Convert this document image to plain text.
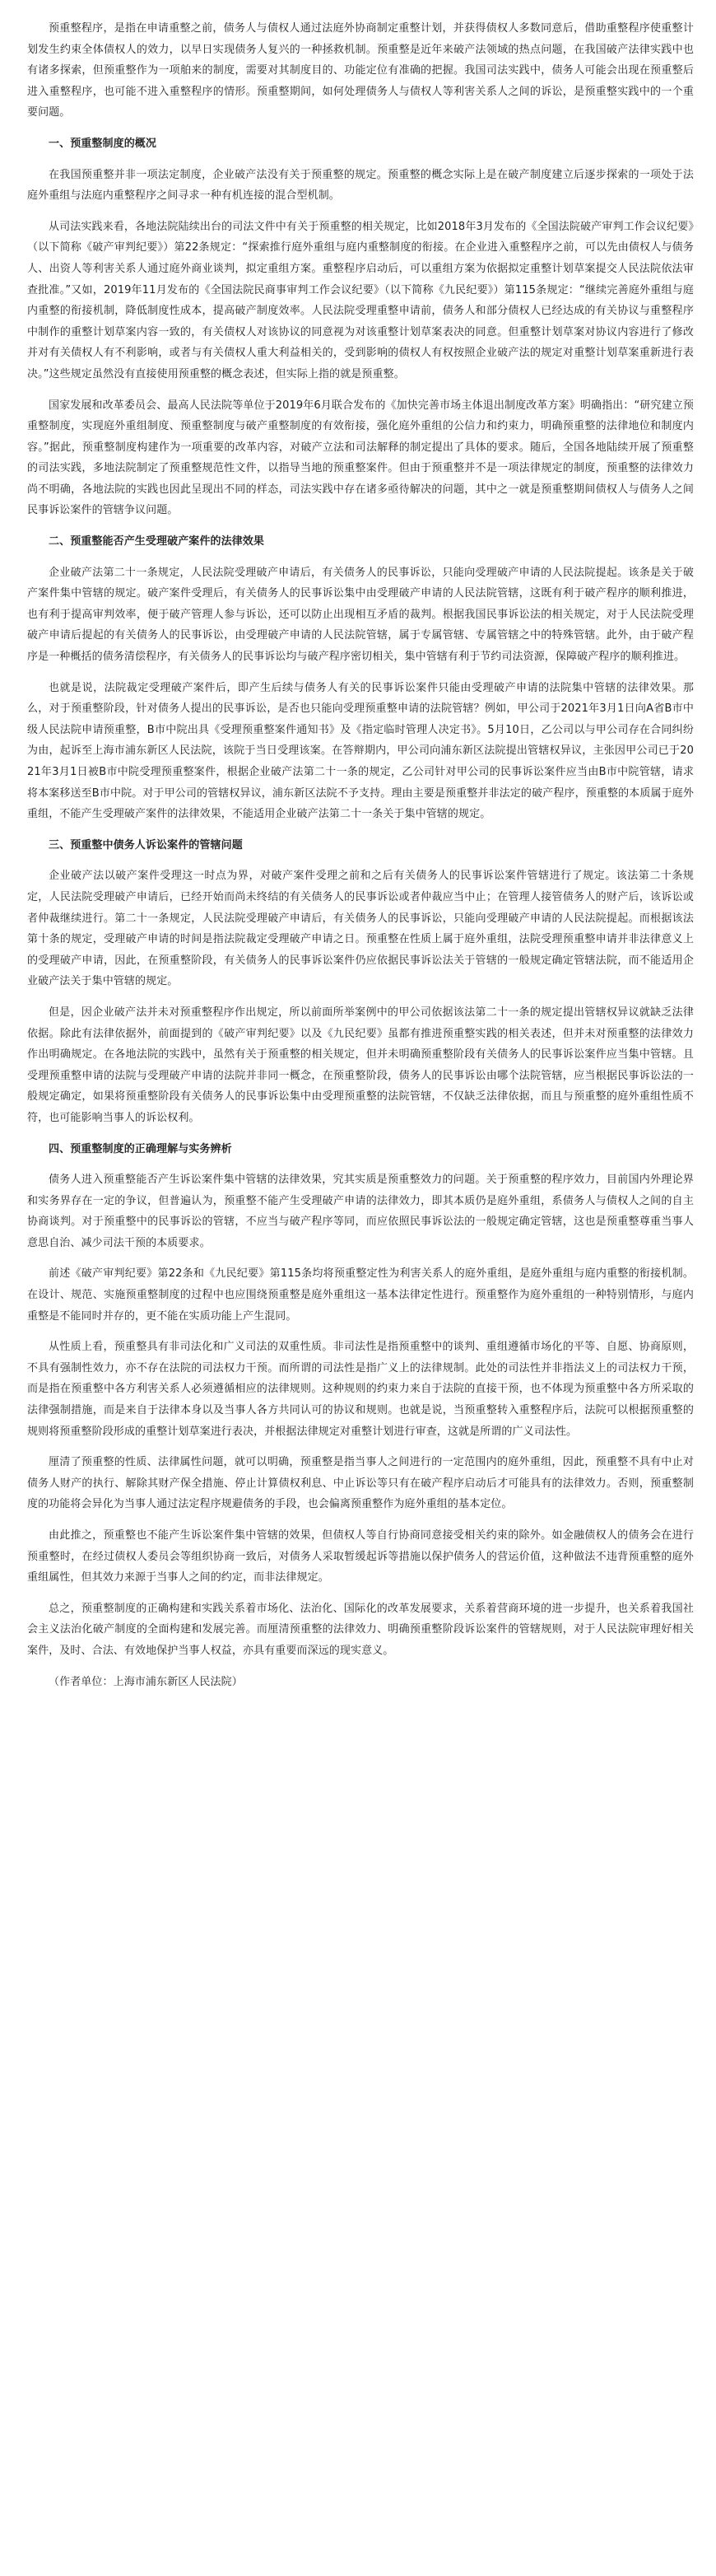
预重整程序，是指在申请重整之前，债务人与债权人通过法庭外协商制定重整计划，并获得债权人多数同意后，借助重整程序使重整计划发生约束全体债权人的效力，以早日实现债务人复兴的一种拯救机制。预重整是近年来破产法领域的热点问题，在我国破产法律实践中也有诸多探索，但预重整作为一项舶来的制度，需要对其制度目的、功能定位有准确的把握。我国司法实践中，债务人可能会出现在预重整后进入重整程序，也可能不进入重整程序的情形。预重整期间，如何处理债务人与债权人等利害关系人之间的诉讼，是预重整实践中的一个重要问题。

一、预重整制度的概况

在我国预重整并非一项法定制度，企业破产法没有关于预重整的规定。预重整的概念实际上是在破产制度建立后逐步探索的一项处于法庭外重组与法庭内重整程序之间寻求一种有机连接的混合型机制。

从司法实践来看，各地法院陆续出台的司法文件中有关于预重整的相关规定，比如2018年3月发布的《全国法院破产审判工作会议纪要》（以下简称《破产审判纪要》）第22条规定：“探索推行庭外重组与庭内重整制度的衔接。在企业进入重整程序之前，可以先由债权人与债务人、出资人等利害关系人通过庭外商业谈判，拟定重组方案。重整程序启动后，可以重组方案为依据拟定重整计划草案提交人民法院依法审查批准。”又如，2019年11月发布的《全国法院民商事审判工作会议纪要》（以下简称《九民纪要》）第115条规定：“继续完善庭外重组与庭内重整的衔接机制，降低制度性成本，提高破产制度效率。人民法院受理重整申请前，债务人和部分债权人已经达成的有关协议与重整程序中制作的重整计划草案内容一致的，有关债权人对该协议的同意视为对该重整计划草案表决的同意。但重整计划草案对协议内容进行了修改并对有关债权人有不利影响，或者与有关债权人重大利益相关的，受到影响的债权人有权按照企业破产法的规定对重整计划草案重新进行表决。”这些规定虽然没有直接使用预重整的概念表述，但实际上指的就是预重整。

国家发展和改革委员会、最高人民法院等单位于2019年6月联合发布的《加快完善市场主体退出制度改革方案》明确指出：“研究建立预重整制度，实现庭外重组制度、预重整制度与破产重整制度的有效衔接，强化庭外重组的公信力和约束力，明确预重整的法律地位和制度内容。”据此，预重整制度构建作为一项重要的改革内容，对破产立法和司法解释的制定提出了具体的要求。随后，全国各地陆续开展了预重整的司法实践，多地法院制定了预重整规范性文件，以指导当地的预重整案件。但由于预重整并不是一项法律规定的制度，预重整的法律效力尚不明确，各地法院的实践也因此呈现出不同的样态，司法实践中存在诸多亟待解决的问题，其中之一就是预重整期间债权人与债务人之间民事诉讼案件的管辖争议问题。

二、预重整能否产生受理破产案件的法律效果

企业破产法第二十一条规定，人民法院受理破产申请后，有关债务人的民事诉讼，只能向受理破产申请的人民法院提起。该条是关于破产案件集中管辖的规定。破产案件受理后，有关债务人的民事诉讼集中由受理破产申请的人民法院管辖，这既有利于破产程序的顺利推进，也有利于提高审判效率，便于破产管理人参与诉讼，还可以防止出现相互矛盾的裁判。根据我国民事诉讼法的相关规定，对于人民法院受理破产申请后提起的有关债务人的民事诉讼，由受理破产申请的人民法院管辖，属于专属管辖、专属管辖之中的特殊管辖。此外，由于破产程序是一种概括的债务清偿程序，有关债务人的民事诉讼均与破产程序密切相关，集中管辖有利于节约司法资源，保障破产程序的顺利推进。

也就是说，法院裁定受理破产案件后，即产生后续与债务人有关的民事诉讼案件只能由受理破产申请的法院集中管辖的法律效果。那么，对于预重整阶段，针对债务人提出的民事诉讼，是否也只能向受理预重整申请的法院管辖？例如，甲公司于2021年3月1日向A省B市中级人民法院申请预重整，B市中院出具《受理预重整案件通知书》及《指定临时管理人决定书》。5月10日，乙公司以与甲公司存在合同纠纷为由，起诉至上海市浦东新区人民法院，该院于当日受理该案。在答辩期内，甲公司向浦东新区法院提出管辖权异议，主张因甲公司已于2021年3月1日被B市中院受理预重整案件，根据企业破产法第二十一条的规定，乙公司针对甲公司的民事诉讼案件应当由B市中院管辖，请求将本案移送至B市中院。对于甲公司的管辖权异议，浦东新区法院不予支持。理由主要是预重整并非法定的破产程序，预重整的本质属于庭外重组，不能产生受理破产案件的法律效果，不能适用企业破产法第二十一条关于集中管辖的规定。

三、预重整中债务人诉讼案件的管辖问题

企业破产法以破产案件受理这一时点为界，对破产案件受理之前和之后有关债务人的民事诉讼案件管辖进行了规定。该法第二十条规定，人民法院受理破产申请后，已经开始而尚未终结的有关债务人的民事诉讼或者仲裁应当中止；在管理人接管债务人的财产后，该诉讼或者仲裁继续进行。第二十一条规定，人民法院受理破产申请后，有关债务人的民事诉讼，只能向受理破产申请的人民法院提起。而根据该法第十条的规定，受理破产申请的时间是指法院裁定受理破产申请之日。预重整在性质上属于庭外重组，法院受理预重整申请并非法律意义上的受理破产申请，因此，在预重整阶段，有关债务人的民事诉讼案件仍应依据民事诉讼法关于管辖的一般规定确定管辖法院，而不能适用企业破产法关于集中管辖的规定。

但是，因企业破产法并未对预重整程序作出规定，所以前面所举案例中的甲公司依据该法第二十一条的规定提出管辖权异议就缺乏法律依据。除此有法律依据外，前面提到的《破产审判纪要》以及《九民纪要》虽都有推进预重整实践的相关表述，但并未对预重整的法律效力作出明确规定。在各地法院的实践中，虽然有关于预重整的相关规定，但并未明确预重整阶段有关债务人的民事诉讼案件应当集中管辖。且受理预重整申请的法院与受理破产申请的法院并非同一概念，在预重整阶段，债务人的民事诉讼由哪个法院管辖，应当根据民事诉讼法的一般规定确定，如果将预重整阶段有关债务人的民事诉讼集中由受理预重整的法院管辖，不仅缺乏法律依据，而且与预重整的庭外重组性质不符，也可能影响当事人的诉讼权利。

四、预重整制度的正确理解与实务辨析

债务人进入预重整能否产生诉讼案件集中管辖的法律效果，究其实质是预重整效力的问题。关于预重整的程序效力，目前国内外理论界和实务界存在一定的争议，但普遍认为，预重整不能产生受理破产申请的法律效力，即其本质仍是庭外重组，系债务人与债权人之间的自主协商谈判。对于预重整中的民事诉讼的管辖，不应当与破产程序等同，而应依照民事诉讼法的一般规定确定管辖，这也是预重整尊重当事人意思自治、减少司法干预的本质要求。

前述《破产审判纪要》第22条和《九民纪要》第115条均将预重整定性为利害关系人的庭外重组，是庭外重组与庭内重整的衔接机制。在设计、规范、实施预重整制度的过程中也应围绕预重整是庭外重组这一基本法律定性进行。预重整作为庭外重组的一种特别情形，与庭内重整是不能同时并存的，更不能在实质功能上产生混同。

从性质上看，预重整具有非司法化和广义司法的双重性质。非司法性是指预重整中的谈判、重组遵循市场化的平等、自愿、协商原则，不具有强制性效力，亦不存在法院的司法权力干预。而所谓的司法性是指广义上的法律规制。此处的司法性并非指法义上的司法权力干预，而是指在预重整中各方利害关系人必须遵循相应的法律规则。这种规则的约束力来自于法院的直接干预，也不体现为预重整中各方所采取的法律强制措施，而是来自于法律本身以及当事人各方共同认可的协议和规则。也就是说，当预重整转入重整程序后，法院可以根据预重整的规则将预重整阶段形成的重整计划草案进行表决，并根据法律规定对重整计划进行审查，这就是所谓的广义司法性。

厘清了预重整的性质、法律属性问题，就可以明确，预重整是指当事人之间进行的一定范围内的庭外重组，因此，预重整不具有中止对债务人财产的执行、解除其财产保全措施、停止计算债权利息、中止诉讼等只有在破产程序启动后才可能具有的法律效力。否则，预重整制度的功能将会异化为当事人通过法定程序规避债务的手段，也会偏离预重整作为庭外重组的基本定位。

由此推之，预重整也不能产生诉讼案件集中管辖的效果，但债权人等自行协商同意接受相关约束的除外。如金融债权人的债务会在进行预重整时，在经过债权人委员会等组织协商一致后，对债务人采取暂缓起诉等措施以保护债务人的营运价值，这种做法不违背预重整的庭外重组属性，但其效力来源于当事人之间的约定，而非法律规定。

总之，预重整制度的正确构建和实践关系着市场化、法治化、国际化的改革发展要求，关系着营商环境的进一步提升，也关系着我国社会主义法治化破产制度的全面构建和发展完善。而厘清预重整的法律效力、明确预重整阶段诉讼案件的管辖规则，对于人民法院审理好相关案件，及时、合法、有效地保护当事人权益，亦具有重要而深远的现实意义。

（作者单位：上海市浦东新区人民法院）
